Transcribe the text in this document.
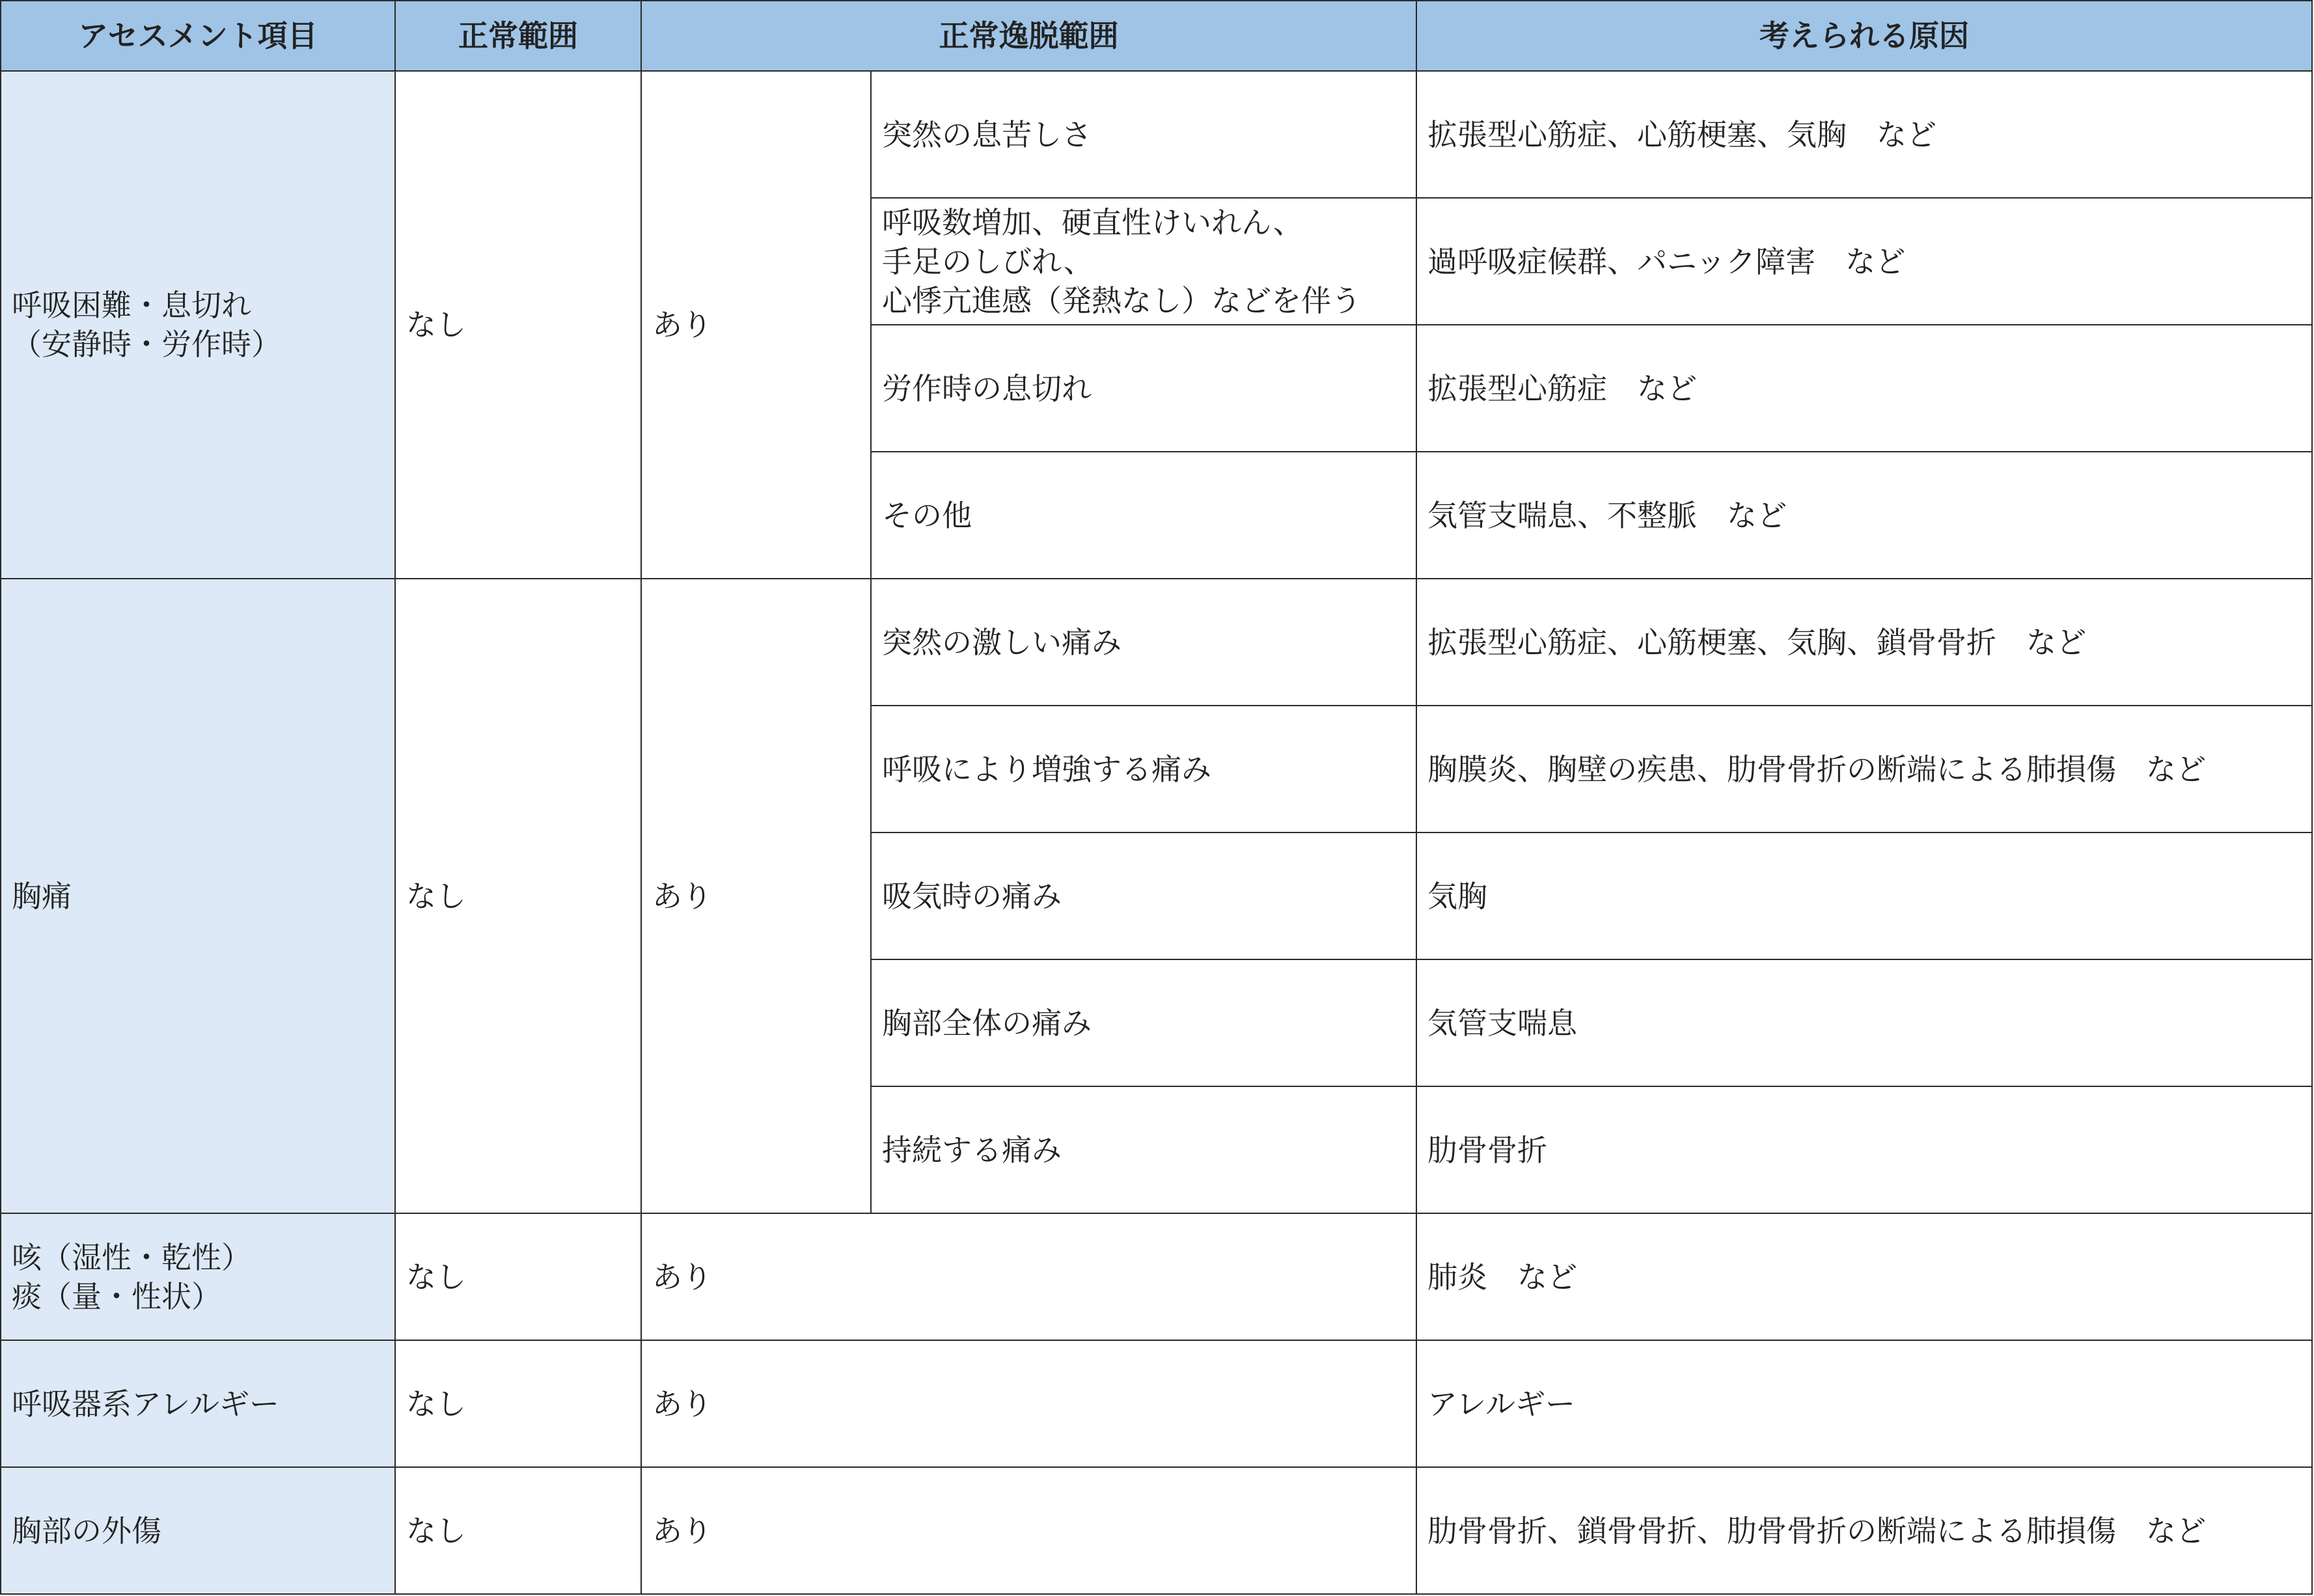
アセスメント項目	正常範囲	正常逸脱範囲		考えられる原因
呼吸困難・息切れ
（安静時・労作時）	なし	あり	突然の息苦しさ	拡張型心筋症、心筋梗塞、気胸　など
			呼吸数増加、硬直性けいれん、
手足のしびれ、
心悸亢進感（発熱なし）などを伴う	過呼吸症候群、パニック障害　など
			労作時の息切れ	拡張型心筋症　など
			その他	気管支喘息、不整脈　など
胸痛	なし	あり	突然の激しい痛み	拡張型心筋症、心筋梗塞、気胸、鎖骨骨折　など
			呼吸により増強する痛み	胸膜炎、胸壁の疾患、肋骨骨折の断端による肺損傷　など
			吸気時の痛み	気胸
			胸部全体の痛み	気管支喘息
			持続する痛み	肋骨骨折
咳（湿性・乾性）
痰（量・性状）	なし	あり		肺炎　など
呼吸器系アレルギー	なし	あり		アレルギー
胸部の外傷	なし	あり		肋骨骨折、鎖骨骨折、肋骨骨折の断端による肺損傷　など
